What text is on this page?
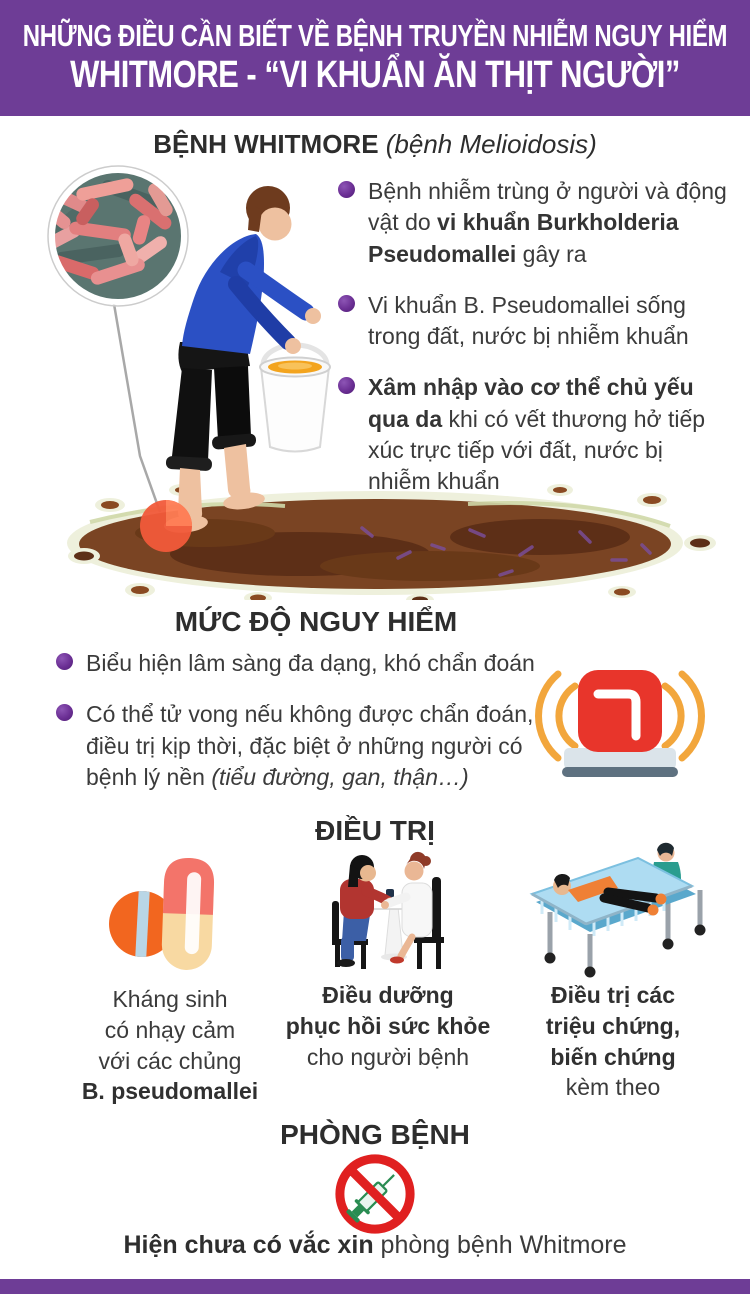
NHỮNG ĐIỀU CẦN BIẾT VỀ BỆNH TRUYỀN NHIỄM NGUY HIỂM
WHITMORE - “VI KHUẨN ĂN THỊT NGƯỜI”
BỆNH WHITMORE (bệnh Melioidosis)
Bệnh nhiễm trùng ở người và động vật do vi khuẩn Burkholderia Pseudomallei gây ra
Vi khuẩn B. Pseudomallei sống trong đất, nước bị nhiễm khuẩn
Xâm nhập vào cơ thể chủ yếu qua da khi có vết thương hở tiếp xúc trực tiếp với đất, nước bị nhiễm khuẩn
MỨC ĐỘ NGUY HIỂM
Biểu hiện lâm sàng đa dạng, khó chẩn đoán
Có thể tử vong nếu không được chẩn đoán, điều trị kịp thời, đặc biệt ở những người có bệnh lý nền (tiểu đường, gan, thận…)
ĐIỀU TRỊ
Kháng sinh
có nhạy cảm
với các chủng
B. pseudomallei
Điều dưỡng
phục hồi sức khỏe
cho người bệnh
Điều trị các
triệu chứng,
biến chứng
kèm theo
PHÒNG BỆNH
Hiện chưa có vắc xin phòng bệnh Whitmore
